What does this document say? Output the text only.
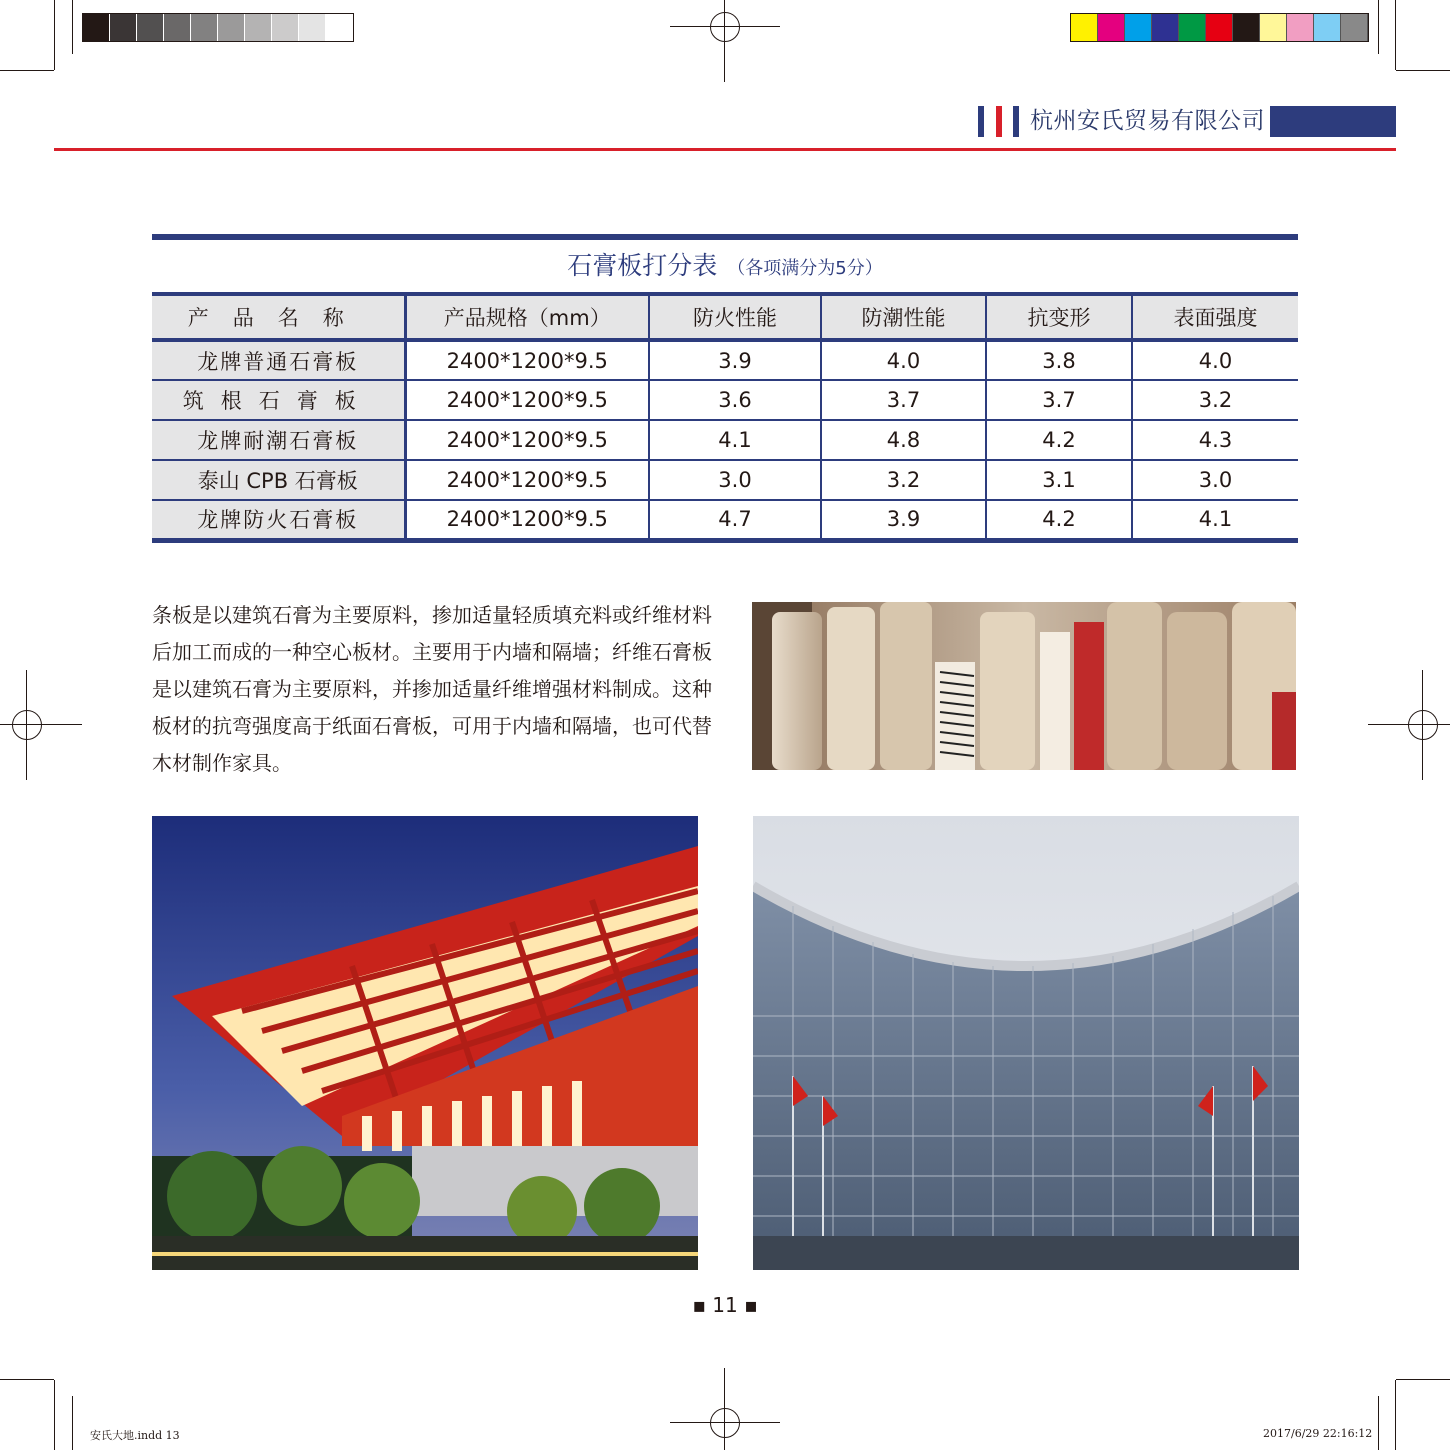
杭州安氏贸易有限公司
石膏板打分表 （各项满分为5分）
产品名称	产品规格（mm）	防火性能	防潮性能	抗变形	表面强度
龙牌普通石膏板	2400*1200*9.5	3.9	4.0	3.8	4.0
筑根石膏板	2400*1200*9.5	3.6	3.7	3.7	3.2
龙牌耐潮石膏板	2400*1200*9.5	4.1	4.8	4.2	4.3
泰山 CPB 石膏板	2400*1200*9.5	3.0	3.2	3.1	3.0
龙牌防火石膏板	2400*1200*9.5	4.7	3.9	4.2	4.1

条板是以建筑石膏为主要原料，掺加适量轻质填充料或纤维材料后加工而成的一种空心板材。主要用于内墙和隔墙；纤维石膏板是以建筑石膏为主要原料，并掺加适量纤维增强材料制成。这种板材的抗弯强度高于纸面石膏板，可用于内墙和隔墙，也可代替木材制作家具。

▪ 11 ▪
安氏大地.indd 13	2017/6/29 22:16:12
